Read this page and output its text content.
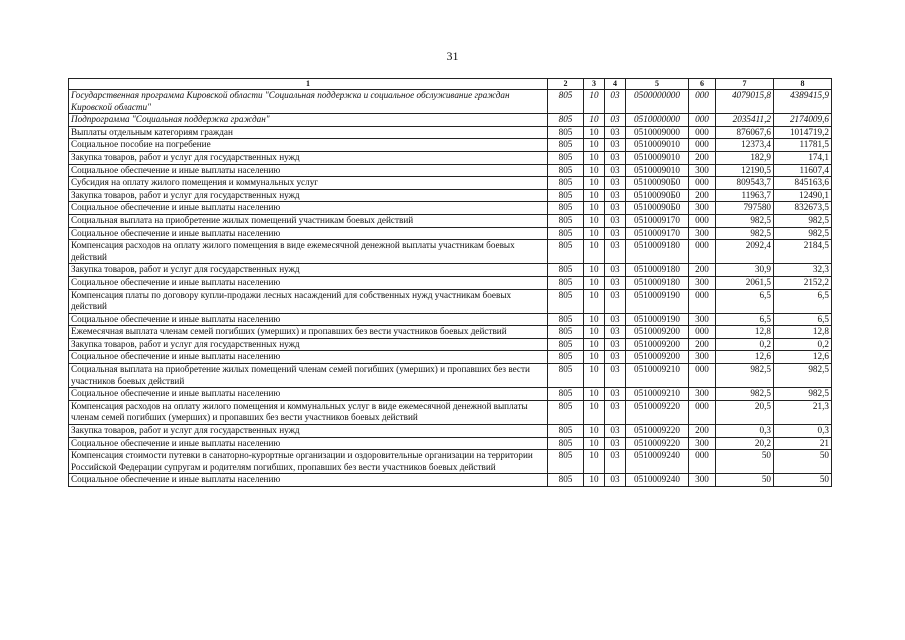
31
1	2	3	4	5	6	7	8
Государственная программа Кировской области "Социальная поддержка и социальное обслуживание граждан Кировской области"	805	10	03	0500000000	000	4079015,8	4389415,9
Подпрограмма "Социальная поддержка граждан"	805	10	03	0510000000	000	2035411,2	2174009,6
Выплаты отдельным категориям граждан	805	10	03	0510009000	000	876067,6	1014719,2
Социальное пособие на погребение	805	10	03	0510009010	000	12373,4	11781,5
Закупка товаров, работ и услуг для государственных нужд	805	10	03	0510009010	200	182,9	174,1
Социальное обеспечение и иные выплаты населению	805	10	03	0510009010	300	12190,5	11607,4
Субсидия на оплату жилого помещения и коммунальных услуг	805	10	03	05100090Б0	000	809543,7	845163,6
Закупка товаров, работ и услуг для государственных нужд	805	10	03	05100090Б0	200	11963,7	12490,1
Социальное обеспечение и иные выплаты населению	805	10	03	05100090Б0	300	797580	832673,5
Социальная выплата на приобретение жилых помещений участникам боевых действий	805	10	03	0510009170	000	982,5	982,5
Социальное обеспечение и иные выплаты населению	805	10	03	0510009170	300	982,5	982,5
Компенсация расходов на оплату жилого помещения в виде ежемесячной денежной выплаты участникам боевых действий	805	10	03	0510009180	000	2092,4	2184,5
Закупка товаров, работ и услуг для государственных нужд	805	10	03	0510009180	200	30,9	32,3
Социальное обеспечение и иные выплаты населению	805	10	03	0510009180	300	2061,5	2152,2
Компенсация платы по договору купли-продажи лесных насаждений для собственных нужд участникам боевых действий	805	10	03	0510009190	000	6,5	6,5
Социальное обеспечение и иные выплаты населению	805	10	03	0510009190	300	6,5	6,5
Ежемесячная выплата членам семей погибших (умерших) и пропавших без вести участников боевых действий	805	10	03	0510009200	000	12,8	12,8
Закупка товаров, работ и услуг для государственных нужд	805	10	03	0510009200	200	0,2	0,2
Социальное обеспечение и иные выплаты населению	805	10	03	0510009200	300	12,6	12,6
Социальная выплата на приобретение жилых помещений членам семей погибших (умерших) и пропавших без вести участников боевых действий	805	10	03	0510009210	000	982,5	982,5
Социальное обеспечение и иные выплаты населению	805	10	03	0510009210	300	982,5	982,5
Компенсация расходов на оплату жилого помещения и коммунальных услуг в виде ежемесячной денежной выплаты членам семей погибших (умерших) и пропавших без вести участников боевых действий	805	10	03	0510009220	000	20,5	21,3
Закупка товаров, работ и услуг для государственных нужд	805	10	03	0510009220	200	0,3	0,3
Социальное обеспечение и иные выплаты населению	805	10	03	0510009220	300	20,2	21
Компенсация стоимости путевки в санаторно-курортные организации и оздоровительные организации на территории Российской Федерации супругам и родителям погибших, пропавших без вести участников боевых действий	805	10	03	0510009240	000	50	50
Социальное обеспечение и иные выплаты населению	805	10	03	0510009240	300	50	50
